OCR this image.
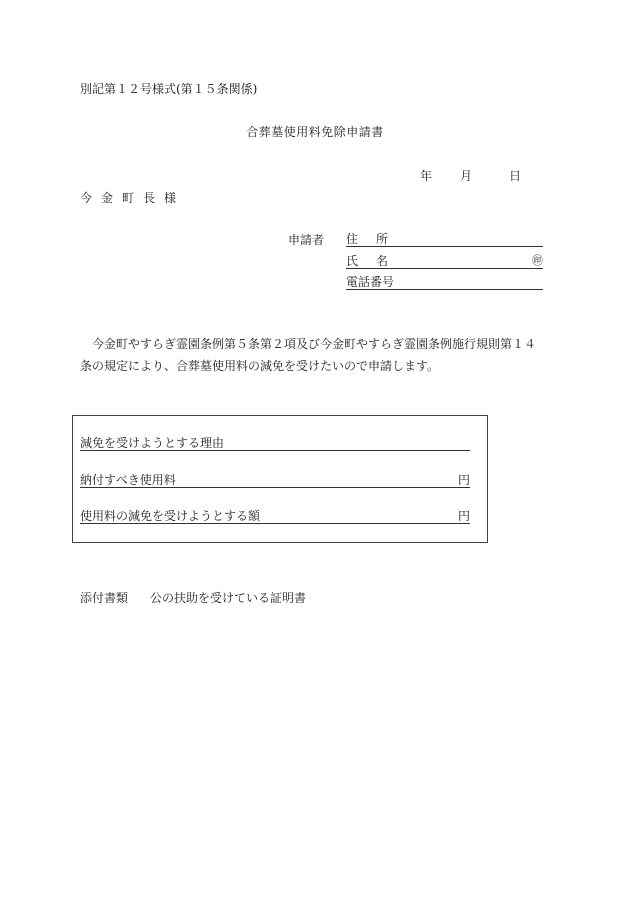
別記第１２号様式(第１５条関係)
合葬墓使用料免除申請書
年 月	日
今金町長様
申請者 住所
氏名	㊞
電話番号
今金町やすらぎ霊園条例第５条第２項及び今金町やすらぎ霊園条例施行規則第１４条の規定により、合葬墓使用料の減免を受けたいので申請します。
減免を受けようとする理由
納付すべき使用料	円
使用料の減免を受けようとする額	円
添付書類 公の扶助を受けている証明書
